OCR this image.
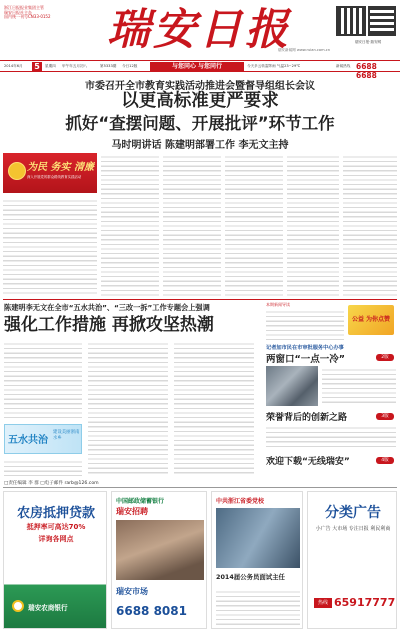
浙江日报报业集团主管
瑞安日报社主办
国内统一刊号CN33-0152	瑞安日报	瑞安日报·瑞安网
瑞安新闻网 www.ruian.com.cn
2014年6月 5	星期四 甲午年五月初八	第5333期 今日12版	与您同心 与您同行	今天多云转雷阵雨 气温23~29℃	新闻热线 6688 6688
市委召开全市教育实践活动推进会暨督导组组长会议
以更高标准更严要求
抓好“查摆问题、开展批评”环节工作
马时明讲话 陈建明部署工作 李无文主持
为民 务实 清廉
深入开展党的群众路线教育实践活动
陈建明李无文在全市“五水共治”、“三改一拆”工作专题会上强调
强化工作措施 再掀攻坚热潮
五水共治
建设美丽浙南水乡
本期新闻导读
公益 为你点赞
记者加市民在市审批服务中心办事
两窗口“一点一冷”	2版
荣誉背后的创新之路	3版
欢迎下载“无线瑞安”	4版
□责任编辑 李 群 □电子邮件 rarb@126.com
农房抵押贷款
抵押率可高达70%
详询各网点
瑞安农商银行
中国邮政储蓄银行
瑞安招聘
瑞安市场
6688 8081
中共浙江省委党校
2014届公务员面试主任
分类广告
小广告 大市场 专注日报 利民利商
热线 65917777
